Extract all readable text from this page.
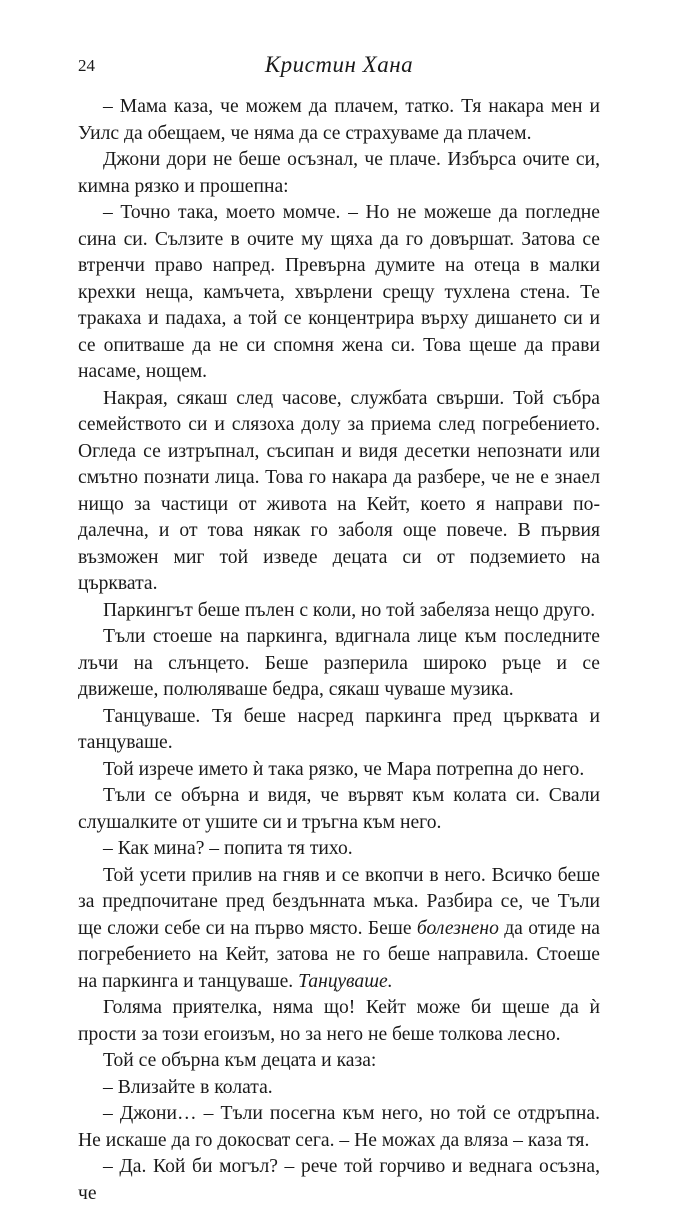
24	Кристин Хана

– Мама каза, че можем да плачем, татко. Тя накара мен и Уилс да обещаем, че няма да се страхуваме да плачем.

Джони дори не беше осъзнал, че плаче. Избърса очите си, кимна рязко и прошепна:

– Точно така, моето момче. – Но не можеше да погледне сина си. Сълзите в очите му щяха да го довършат. Затова се втренчи право напред. Превърна думите на отеца в малки крехки неща, камъчета, хвърлени срещу тухлена стена. Те тракаха и падаха, а той се концентрира върху дишането си и се опитваше да не си спомня жена си. Това щеше да прави насаме, нощем.

Накрая, сякаш след часове, службата свърши. Той събра семейството си и слязоха долу за приема след погребението. Огледа се изтръпнал, съсипан и видя десетки непознати или смътно познати лица. Това го накара да разбере, че не е знаел нищо за частици от живота на Кейт, което я направи по-далечна, и от това някак го заболя още повече. В първия възможен миг той изведе децата си от подземието на църквата.

Паркингът беше пълен с коли, но той забеляза нещо друго.

Тъли стоеше на паркинга, вдигнала лице към последните лъчи на слънцето. Беше разперила широко ръце и се движеше, полюляваше бедра, сякаш чуваше музика.

Танцуваше. Тя беше насред паркинга пред църквата и танцуваше.

Той изрече името ѝ така рязко, че Мара потрепна до него.

Тъли се обърна и видя, че вървят към колата си. Свали слушалките от ушите си и тръгна към него.

– Как мина? – попита тя тихо.

Той усети прилив на гняв и се вкопчи в него. Всичко беше за предпочитане пред бездънната мъка. Разбира се, че Тъли ще сложи себе си на първо място. Беше болезнено да отиде на погребението на Кейт, затова не го беше направила. Стоеше на паркинга и танцуваше. Танцуваше.

Голяма приятелка, няма що! Кейт може би щеше да ѝ прости за този егоизъм, но за него не беше толкова лесно.

Той се обърна към децата и каза:

– Влизайте в колата.

– Джони… – Тъли посегна към него, но той се отдръпна. Не искаше да го докосват сега. – Не можах да вляза – каза тя.

– Да. Кой би могъл? – рече той горчиво и веднага осъзна, че
